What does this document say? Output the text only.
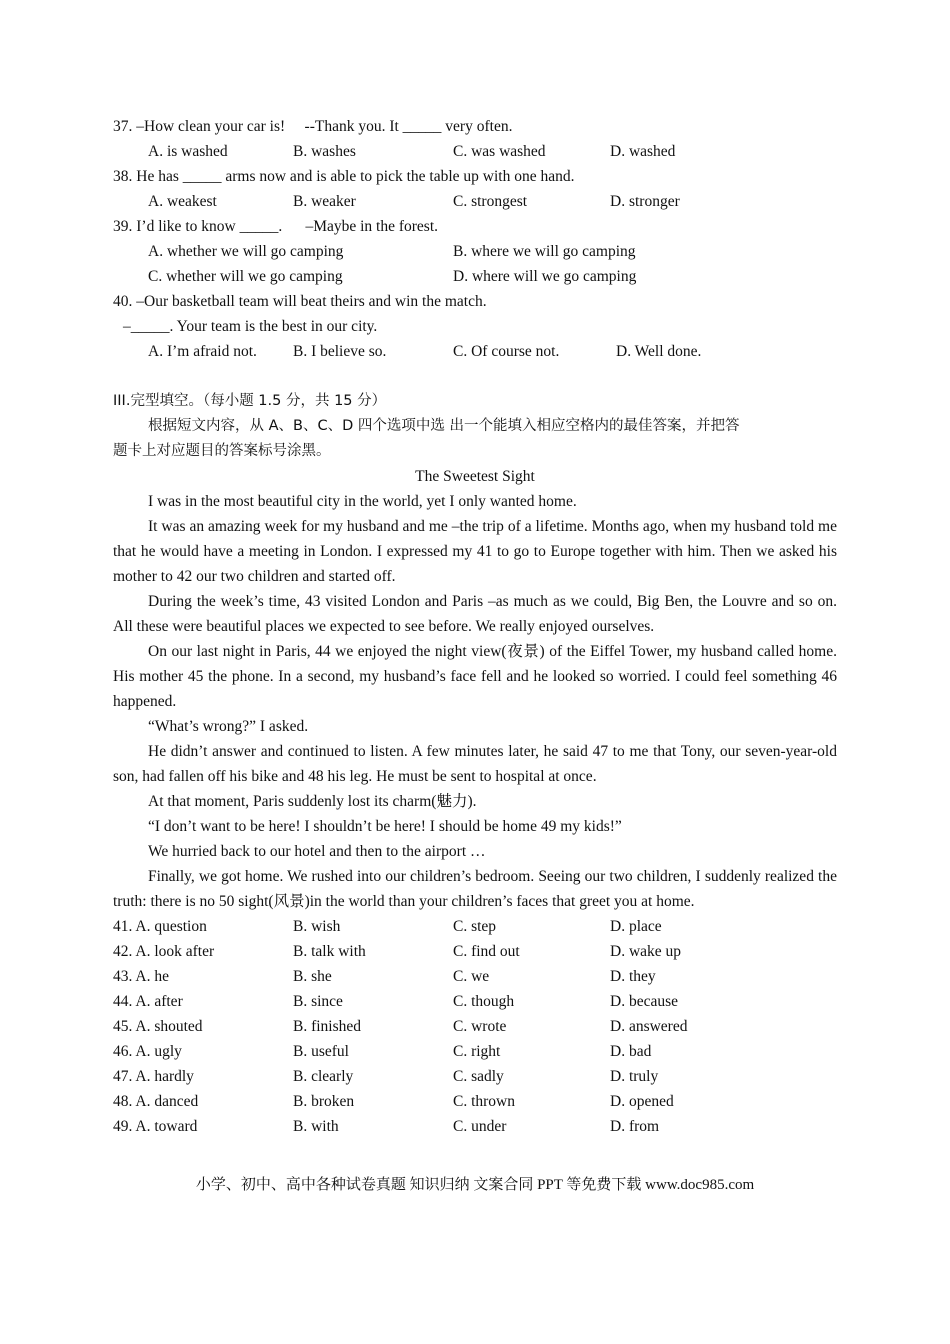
37. –How clean your car is!     --Thank you. It _____ very often.

A. is washed

	B. washes

	C. was washed

	D. washed

38. He has _____ arms now and is able to pick the table up with one hand.

A. weakest

	B. weaker

	C. strongest

	D. stronger

39. I’d like to know _____.      –Maybe in the forest.

A. whether we will go camping

	B. where we will go camping

C. whether will we go camping

	D. where will we go camping

40. –Our basketball team will beat theirs and win the match.
–_____. Your team is the best in our city.

A. I’m afraid not.

B. I believe so.

	C. Of course not.

	D. Well done.

III.完型填空。（每小题 1.5 分，共 15 分）
根据短文内容，从 A、B、C、D 四个选项中选 出一个能填入相应空格内的最佳答案，并把答
题卡上对应题目的答案标号涂黑。
The Sweetest Sight

I was in the most beautiful city in the world, yet I only wanted home.

It was an amazing week for my husband and me –the trip of a lifetime. Months ago, when my husband told me that he would have a meeting in London. I expressed my 41 to go to Europe together with him. Then we asked his mother to 42 our two children and started off.

During the week’s time, 43 visited London and Paris –as much as we could, Big Ben, the Louvre and so on. All these were beautiful places we expected to see before. We really enjoyed ourselves.

On our last night in Paris, 44 we enjoyed the night view(夜景) of the Eiffel Tower, my husband called home. His mother 45 the phone. In a second, my husband’s face fell and he looked so worried. I could feel something 46 happened.

“What’s wrong?” I asked.

He didn’t answer and continued to listen. A few minutes later, he said 47 to me that Tony, our seven-year-old son, had fallen off his bike and 48 his leg. He must be sent to hospital at once.

At that moment, Paris suddenly lost its charm(魅力).

“I don’t want to be here! I shouldn’t be here! I should be home 49 my kids!”

We hurried back to our hotel and then to the airport …

Finally, we got home. We rushed into our children’s bedroom. Seeing our two children, I suddenly realized the truth: there is no 50 sight(风景)in the world than your children’s faces that greet you at home.

41. A. question	B. wish	C. step	D. place
42. A. look after	B. talk with	C. find out	D. wake up
43. A. he	B. she	C. we	D. they
44. A. after	B. since	C. though	D. because
45. A. shouted	B. finished	C. wrote	D. answered
46. A. ugly	B. useful	C. right	D. bad
47. A. hardly	B. clearly	C. sadly	D. truly
48. A. danced	B. broken	C. thrown	D. opened
49. A. toward	B. with	C. under	D. from
小学、初中、高中各种试卷真题 知识归纳 文案合同 PPT 等免费下载 www.doc985.com
